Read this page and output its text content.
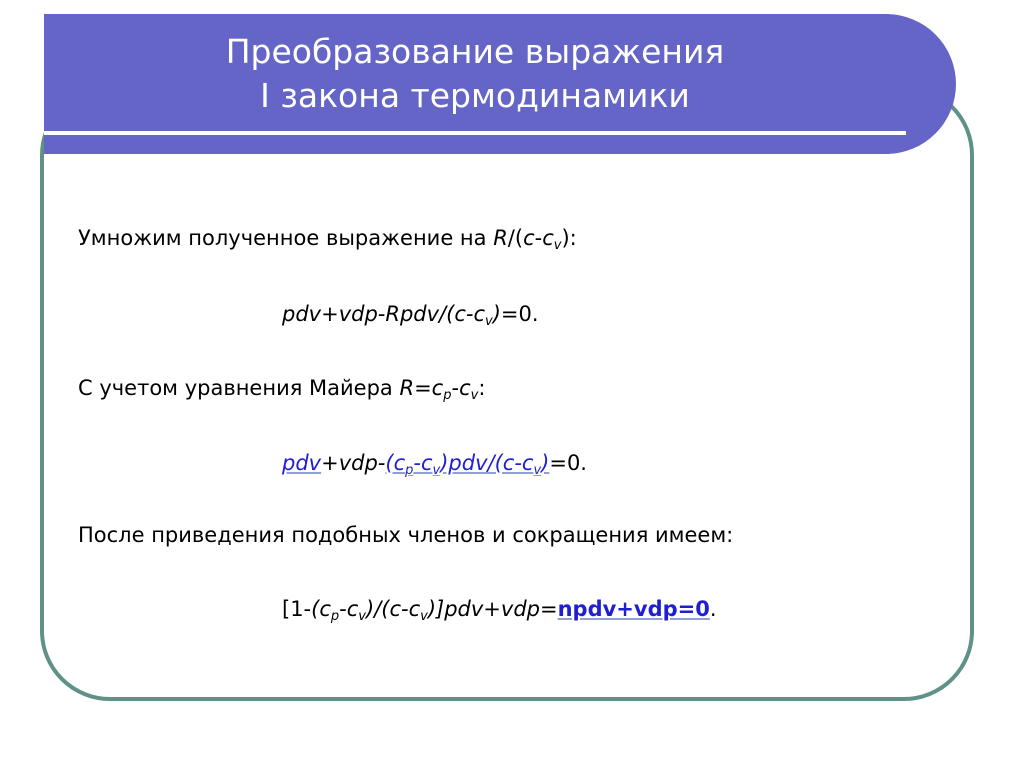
Преобразование выражения
I закона термодинамики
Умножим полученное выражение на $R/(c-c_v)$:
$pdv+vdp-Rpdv/(c-c_v)=0$.
С учетом уравнения Майера $R=c_p-c_v$:
$pdv+vdp-(c_p-c_v)pdv/(c-c_v)=0$.
После приведения подобных членов и сокращения имеем:
$[1-(c_p-c_v)/(c-c_v)]pdv+vdp=npdv+vdp=0$.
